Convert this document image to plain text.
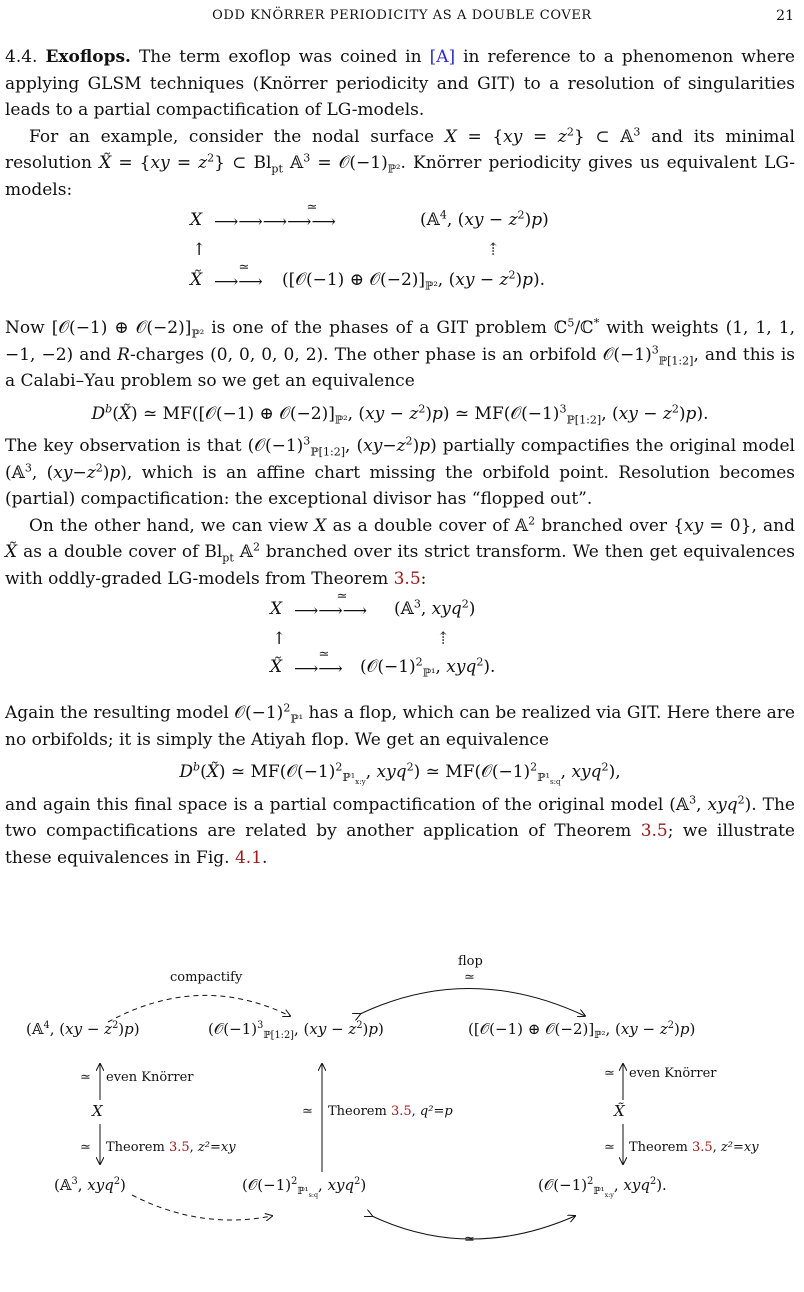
ODD KNÖRRER PERIODICITY AS A DOUBLE COVER	21

4.4. Exoflops. The term exoflop was coined in [A] in reference to a phenomenon where applying GLSM techniques (Knörrer periodicity and GIT) to a resolution of singularities leads to a partial compactification of LG-models.

For an example, consider the nodal surface $X = \{xy = z^2\}$ ⊂ 𝔸$^3$ and its minimal resolution X̃ = $\{xy = z^2\}$ ⊂ $Bl_{pt}$ 𝔸$^3$ = $𝒪(-1)_{ℙ^2}$. Knörrer periodicity gives us equivalent LG-models:

X
≃
⟶⟶⟶⟶⟶	(𝔸$^4$, $(xy - z^2)p$)
↑	⇡
X̃
≃
⟶⟶ ([𝒪(−1) ⊕ $𝒪(-2)]_{ℙ^2}$, $(xy - z^2)p$).

Now [𝒪(−1) ⊕ $𝒪(-2)]_{ℙ^2}$ is one of the phases of a GIT problem ℂ$^5$/ℂ* with weights (1, 1, 1, −1, −2) and R-charges (0, 0, 0, 0, 2). The other phase is an orbifold $𝒪(-1)^3_{ℙ[1:2]}$, and this is a Calabi–Yau problem so we get an equivalence

$D^b(X̃)$ ≃ MF([𝒪(−1) ⊕ $𝒪(-2)]_{ℙ^2}$, $(xy - z^2)p$) ≃ $MF(𝒪(-1)^3_{ℙ[1:2]}$, $(xy - z^2)p$).

The key observation is that ($𝒪(-1)^3_{ℙ[1:2]}$, $(xy-z^2)p$) partially compactifies the original model (𝔸$^3$, $(xy-z^2)p$), which is an affine chart missing the orbifold point. Resolution becomes (partial) compactification: the exceptional divisor has “flopped out”.

On the other hand, we can view X as a double cover of 𝔸$^2$ branched over {xy = 0}, and X̃ as a double cover of $Bl_{pt}$ 𝔸$^2$ branched over its strict transform. We then get equivalences with oddly-graded LG-models from Theorem 3.5:

X
≃
⟶⟶⟶ (𝔸$^3$, xyq$^2$)
↑	⇡
X̃
≃
⟶⟶ ($𝒪(-1)^2_{ℙ^1}$, xyq$^2$).

Again the resulting model $𝒪(-1)^2_{ℙ^1}$ has a flop, which can be realized via GIT. Here there are no orbifolds; it is simply the Atiyah flop. We get an equivalence

$D^b(X̃)$ ≃ $MF(𝒪(-1)^2_{ℙ^1_{x:y}}$, xyq$^2$) ≃ $MF(𝒪(-1)^2_{ℙ^1_{s:q}}$, xyq$^2$),

and again this final space is a partial compactification of the original model (𝔸$^3$, xyq$^2$). The two compactifications are related by another application of Theorem 3.5; we illustrate these equivalences in Fig. 4.1.

compactify
flop
≃
(𝔸$^4$, $(xy - z^2)p$)	($𝒪(-1)^3_{ℙ[1:2]}$, $(xy - z^2)p$)	([𝒪(−1) ⊕ $𝒪(-2)]_{ℙ^2}$, $(xy - z^2)p$)
≃ even Knörrer	≃ even Knörrer
X	X̃
≃ Theorem 3.5, q²=p
≃ Theorem 3.5, z²=xy	≃ Theorem 3.5, z²=xy
(𝔸$^3$, xyq$^2$)	($𝒪(-1)^2_{ℙ^1_{s:q}}$, xyq$^2$)	($𝒪(-1)^2_{ℙ^1_{x:y}}$, xyq$^2$).
≃
